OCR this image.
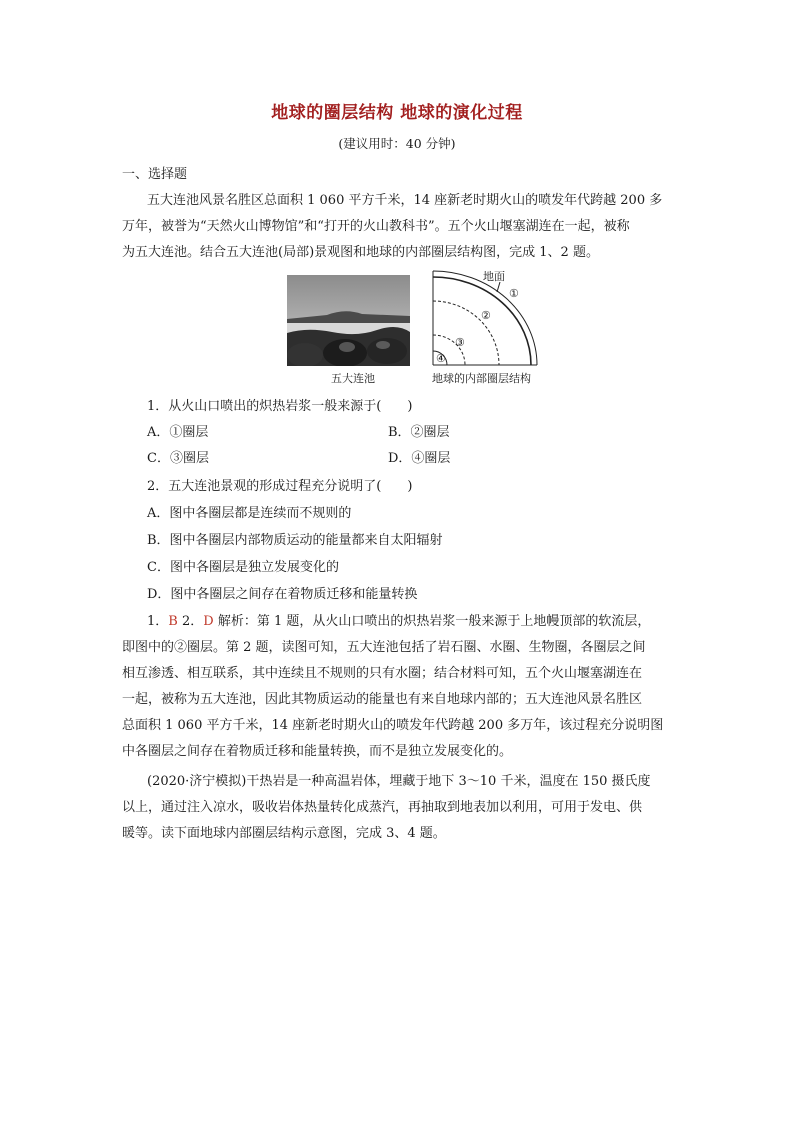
地球的圈层结构 地球的演化过程
(建议用时：40 分钟)
一、选择题
五大连池风景名胜区总面积 1 060 平方千米，14 座新老时期火山的喷发年代跨越 200 多
万年，被誉为“天然火山博物馆”和“打开的火山教科书”。五个火山堰塞湖连在一起，被称
为五大连池。结合五大连池(局部)景观图和地球的内部圈层结构图，完成 1、2 题。
五大连池
地面
①
②
③
④
地球的内部圈层结构
1．从火山口喷出的炽热岩浆一般来源于(　　)
A．①圈层	B．②圈层
C．③圈层	D．④圈层
2．五大连池景观的形成过程充分说明了(　　)
A．图中各圈层都是连续而不规则的
B．图中各圈层内部物质运动的能量都来自太阳辐射
C．图中各圈层是独立发展变化的
D．图中各圈层之间存在着物质迁移和能量转换
1．B 2．D 解析：第 1 题，从火山口喷出的炽热岩浆一般来源于上地幔顶部的软流层，
即图中的②圈层。第 2 题，读图可知，五大连池包括了岩石圈、水圈、生物圈，各圈层之间
相互渗透、相互联系，其中连续且不规则的只有水圈；结合材料可知，五个火山堰塞湖连在
一起，被称为五大连池，因此其物质运动的能量也有来自地球内部的；五大连池风景名胜区
总面积 1 060 平方千米，14 座新老时期火山的喷发年代跨越 200 多万年，该过程充分说明图
中各圈层之间存在着物质迁移和能量转换，而不是独立发展变化的。
(2020·济宁模拟)干热岩是一种高温岩体，埋藏于地下 3～10 千米，温度在 150 摄氏度
以上，通过注入凉水，吸收岩体热量转化成蒸汽，再抽取到地表加以利用，可用于发电、供
暖等。读下面地球内部圈层结构示意图，完成 3、4 题。
